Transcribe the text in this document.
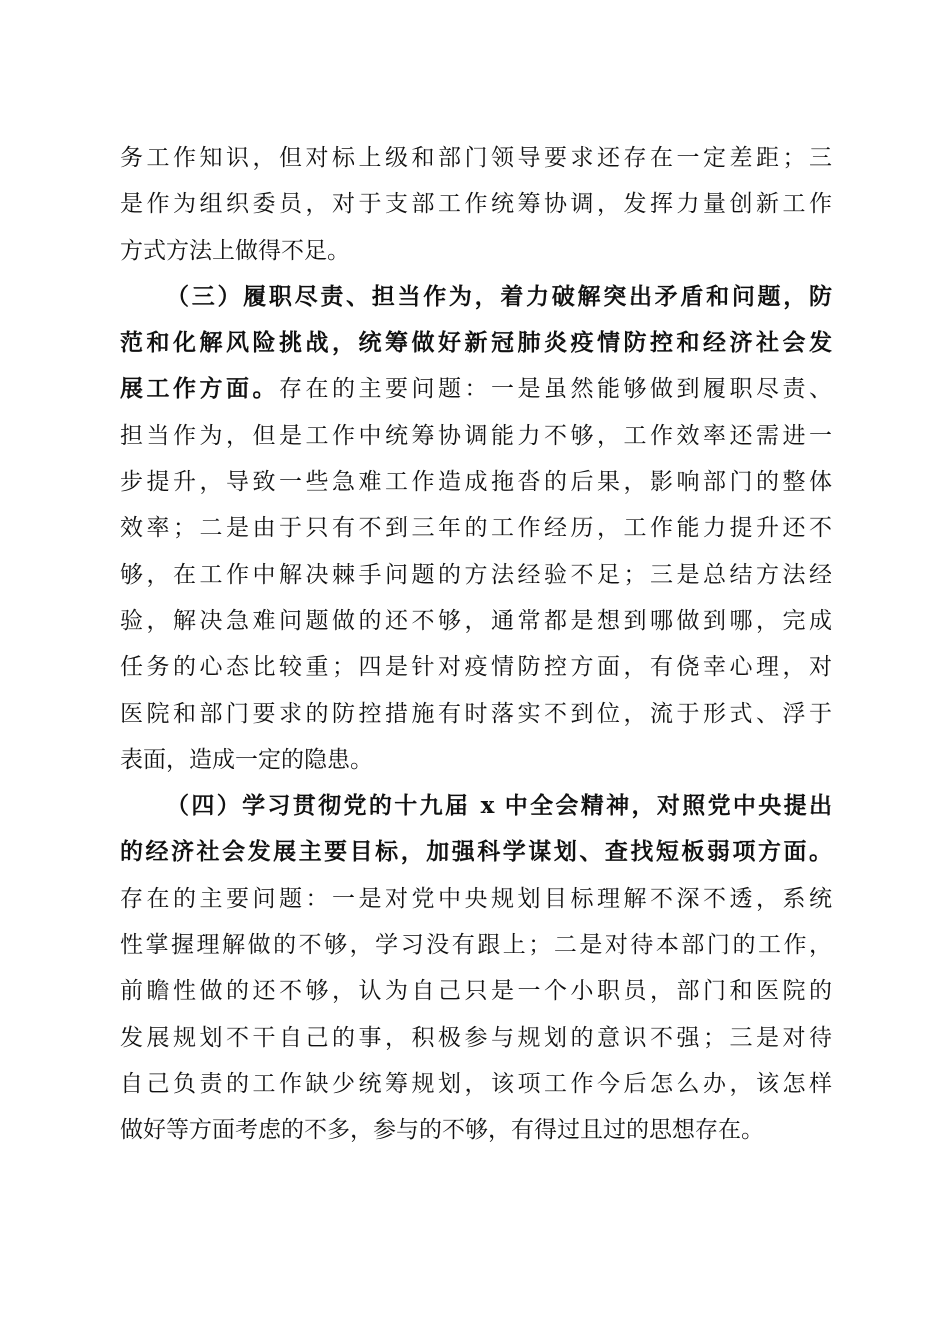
务工作知识，但对标上级和部门领导要求还存在一定差距；三
是作为组织委员，对于支部工作统筹协调，发挥力量创新工作
方式方法上做得不足。
（三）履职尽责、担当作为，着力破解突出矛盾和问题，防
范和化解风险挑战，统筹做好新冠肺炎疫情防控和经济社会发
展工作方面。存在的主要问题：一是虽然能够做到履职尽责、
担当作为，但是工作中统筹协调能力不够，工作效率还需进一
步提升，导致一些急难工作造成拖沓的后果，影响部门的整体
效率；二是由于只有不到三年的工作经历，工作能力提升还不
够，在工作中解决棘手问题的方法经验不足；三是总结方法经
验，解决急难问题做的还不够，通常都是想到哪做到哪，完成
任务的心态比较重；四是针对疫情防控方面，有侥幸心理，对
医院和部门要求的防控措施有时落实不到位，流于形式、浮于
表面，造成一定的隐患。
（四）学习贯彻党的十九届 x 中全会精神，对照党中央提出
的经济社会发展主要目标，加强科学谋划、查找短板弱项方面。
存在的主要问题：一是对党中央规划目标理解不深不透，系统
性掌握理解做的不够，学习没有跟上；二是对待本部门的工作，
前瞻性做的还不够，认为自己只是一个小职员，部门和医院的
发展规划不干自己的事，积极参与规划的意识不强；三是对待
自己负责的工作缺少统筹规划，该项工作今后怎么办，该怎样
做好等方面考虑的不多，参与的不够，有得过且过的思想存在。
